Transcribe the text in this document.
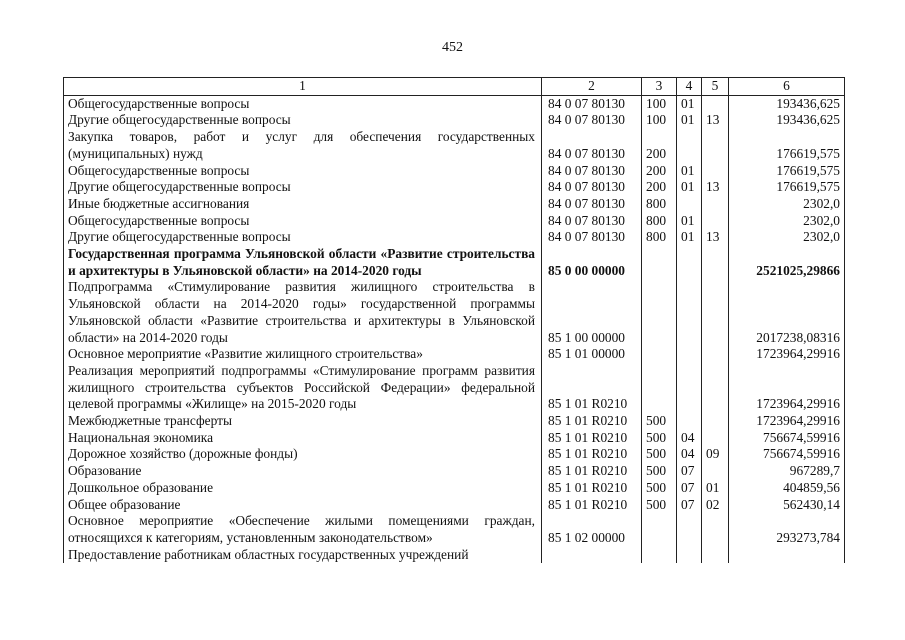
452
1	2	3	4	5	6
Общегосударственные вопросы	84 0 07 80130	100	01		193436,625
Другие общегосударственные вопросы	84 0 07 80130	100	01	13	193436,625
Закупка товаров, работ и услуг для обеспечения государственных (муниципальных) нужд	84 0 07 80130	200			176619,575
Общегосударственные вопросы	84 0 07 80130	200	01		176619,575
Другие общегосударственные вопросы	84 0 07 80130	200	01	13	176619,575
Иные бюджетные ассигнования	84 0 07 80130	800			2302,0
Общегосударственные вопросы	84 0 07 80130	800	01		2302,0
Другие общегосударственные вопросы	84 0 07 80130	800	01	13	2302,0
Государственная программа Ульяновской области «Развитие строительства и архитектуры в Ульяновской области» на 2014-2020 годы	85 0 00 00000				2521025,29866
Подпрограмма «Стимулирование развития жилищного строительства в Ульяновской области на 2014-2020 годы» государственной программы Ульяновской области «Развитие строительства и архитектуры в Ульяновской области» на 2014-2020 годы	85 1 00 00000				2017238,08316
Основное мероприятие «Развитие жилищного строительства»	85 1 01 00000				1723964,29916
Реализация мероприятий подпрограммы «Стимулирование программ развития жилищного строительства субъектов Российской Федерации» федеральной целевой программы «Жилище» на 2015-2020 годы	85 1 01 R0210				1723964,29916
Межбюджетные трансферты	85 1 01 R0210	500			1723964,29916
Национальная экономика	85 1 01 R0210	500	04		756674,59916
Дорожное хозяйство (дорожные фонды)	85 1 01 R0210	500	04	09	756674,59916
Образование	85 1 01 R0210	500	07		967289,7
Дошкольное образование	85 1 01 R0210	500	07	01	404859,56
Общее образование	85 1 01 R0210	500	07	02	562430,14
Основное мероприятие «Обеспечение жилыми помещениями граждан, относящихся к категориям, установленным законодательством»	85 1 02 00000				293273,784
Предоставление работникам областных государственных учреждений					
